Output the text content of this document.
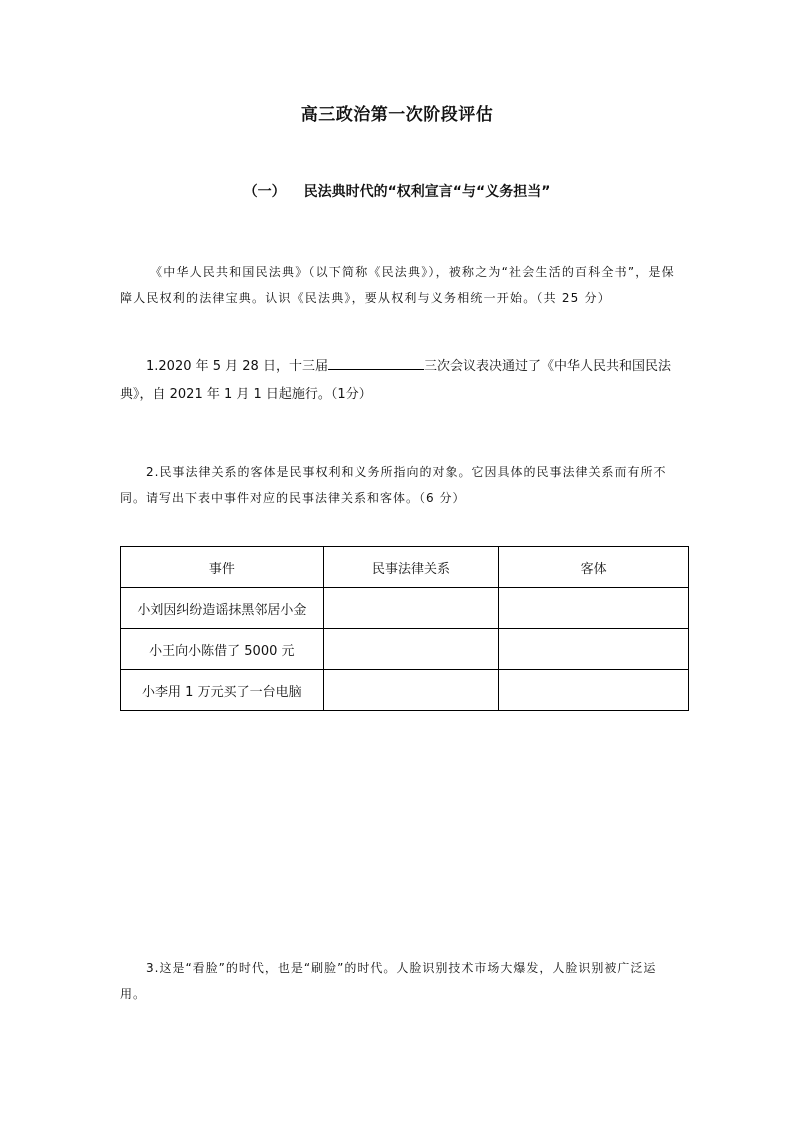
高三政治第一次阶段评估
（一） 民法典时代的“权利宣言“与“义务担当”
《中华人民共和国民法典》（以下简称《民法典》），被称之为“社会生活的百科全书”，是保障人民权利的法律宝典。认识《民法典》，要从权利与义务相统一开始。（共 25 分）
1.2020 年 5 月 28 日，十三届	三次会议表决通过了《中华人民共和国民法典》，自 2021 年 1 月 1 日起施行。（1分）
2.民事法律关系的客体是民事权利和义务所指向的对象。它因具体的民事法律关系而有所不同。请写出下表中事件对应的民事法律关系和客体。（6 分）
事件	民事法律关系	客体
小刘因纠纷造谣抹黑邻居小金		
小王向小陈借了 5000 元		
小李用 1 万元买了一台电脑		
3.这是“看脸”的时代，也是“刷脸”的时代。人脸识别技术市场大爆发，人脸识别被广泛运用。
